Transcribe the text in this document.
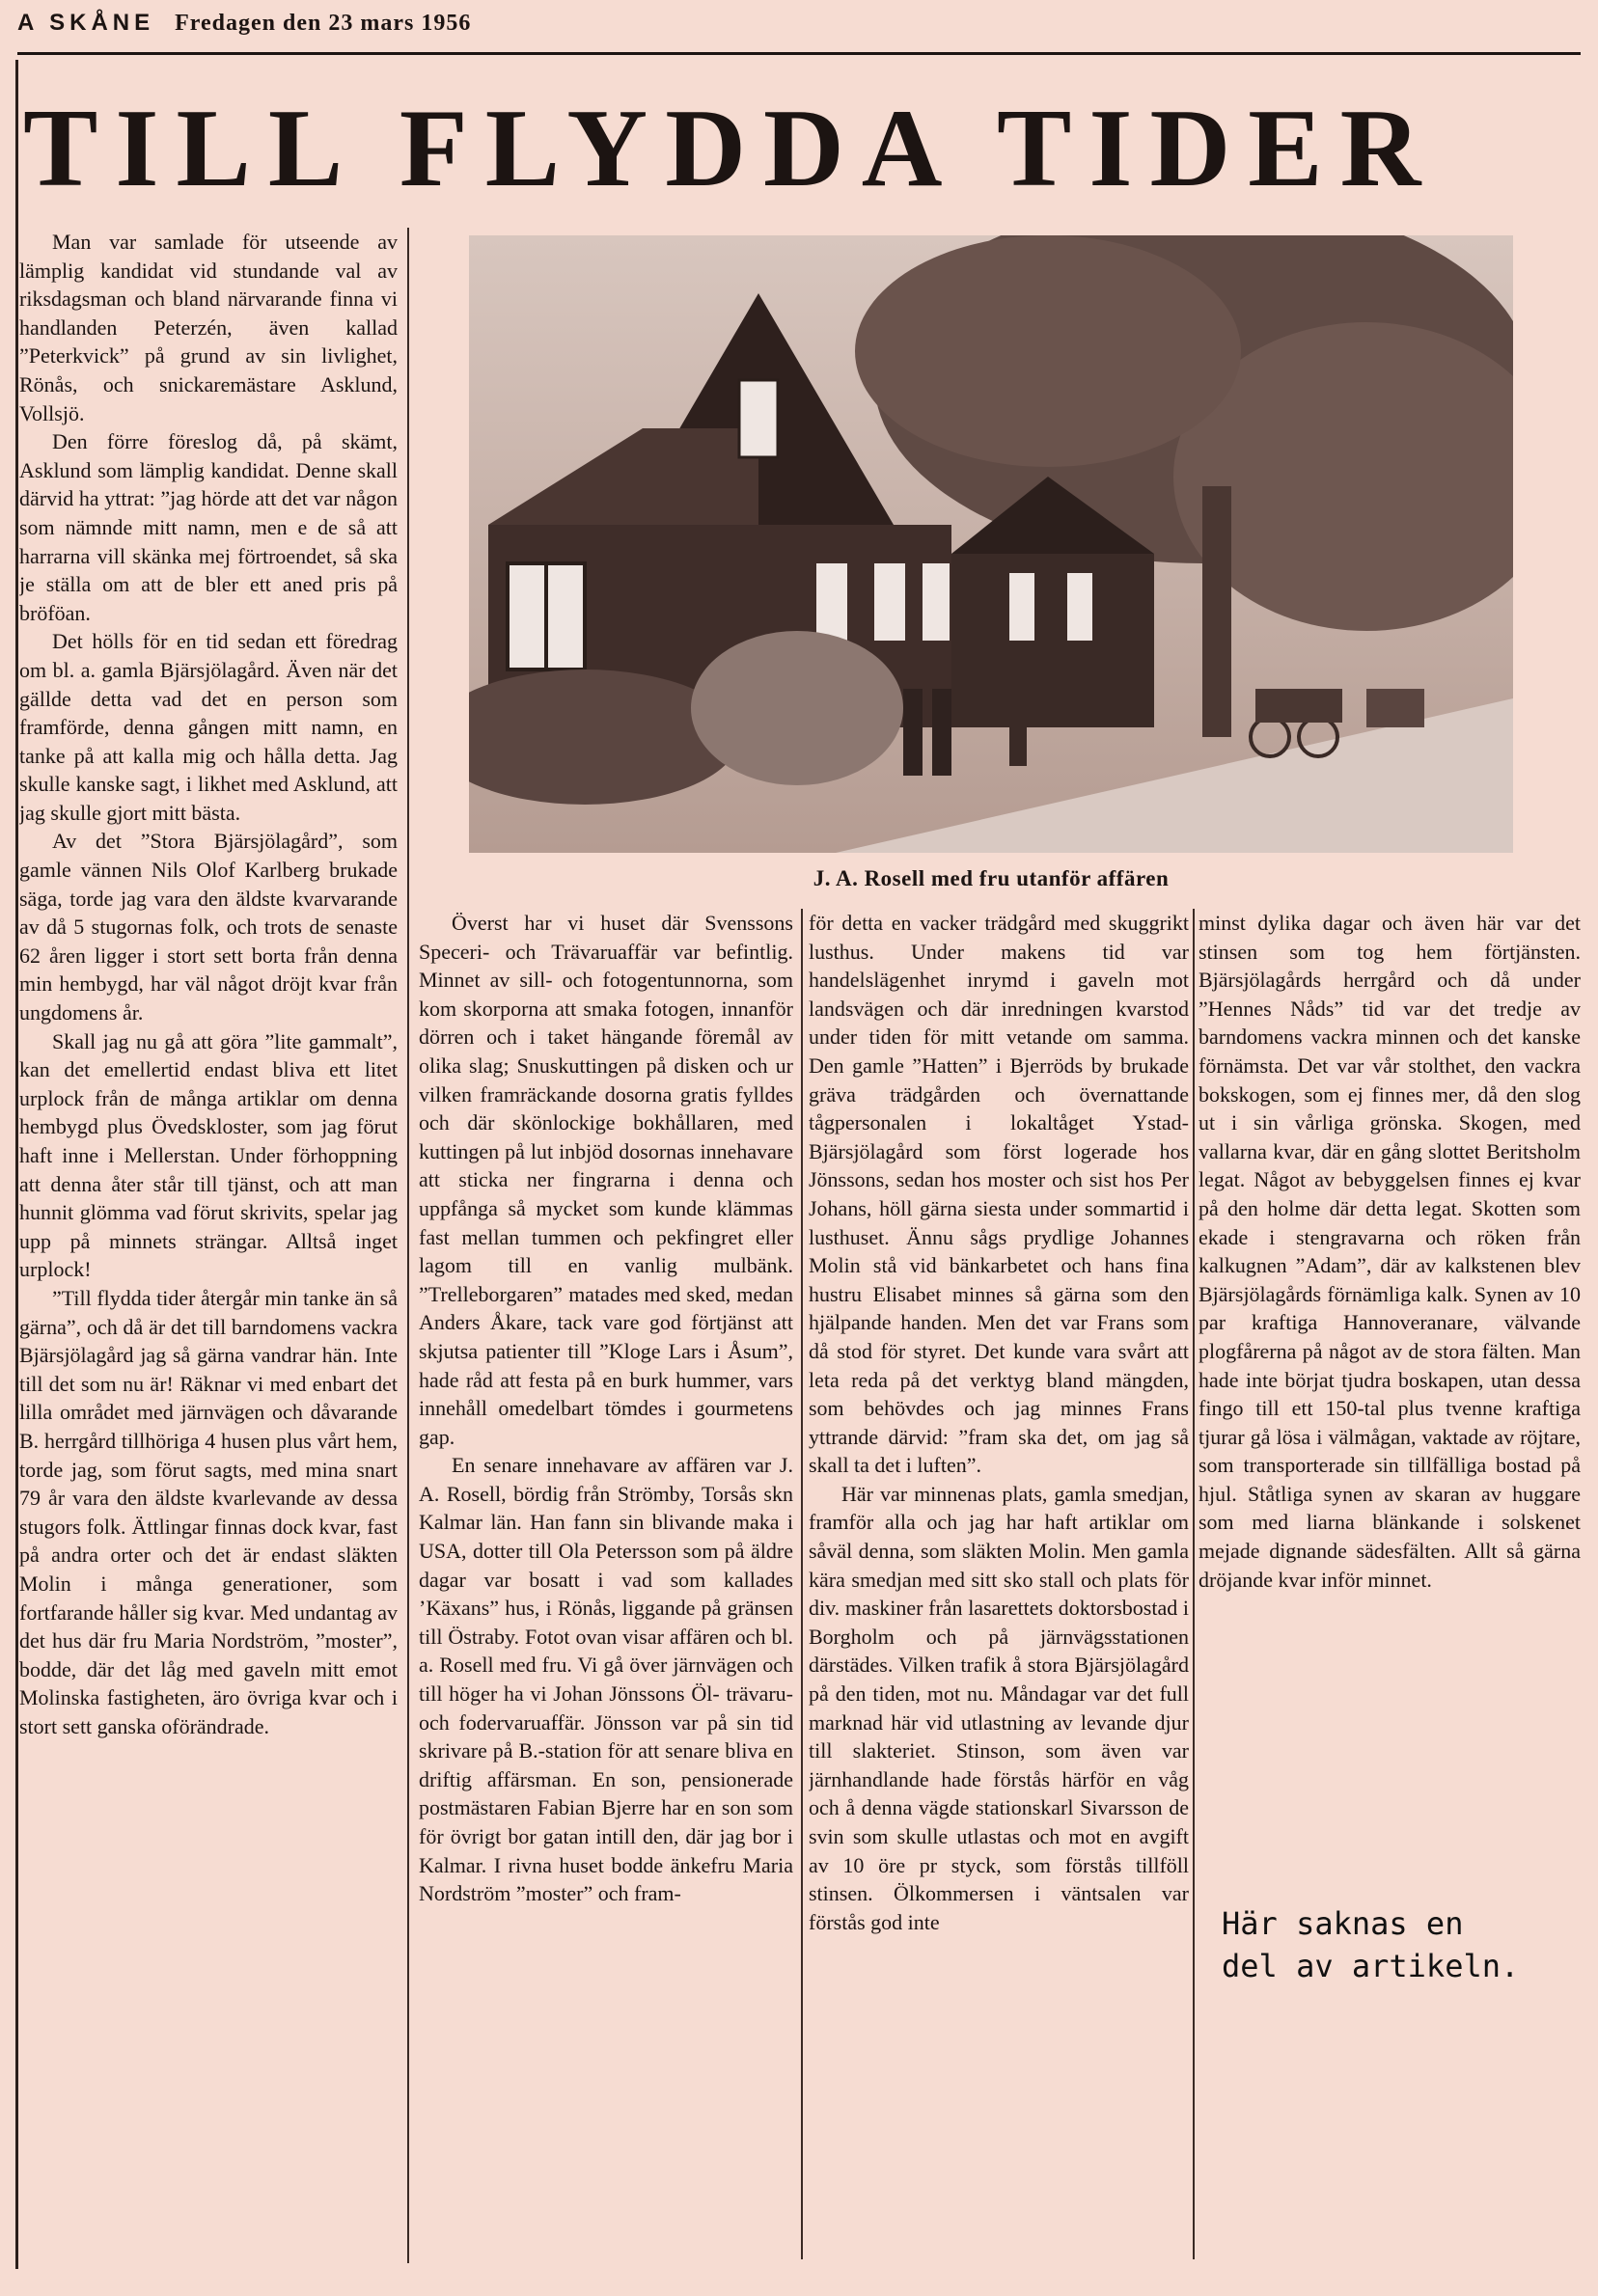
A SKÅNE Fredagen den 23 mars 1956
TILL FLYDDA TIDER

Man var samlade för utseende av lämplig kandidat vid stundande val av riksdagsman och bland närvarande finna vi handlanden Peterzén, även kallad ”Peterkvick” på grund av sin livlighet, Rönås, och snickaremästare Asklund, Vollsjö.

Den förre föreslog då, på skämt, Asklund som lämplig kandidat. Denne skall därvid ha yttrat: ”jag hörde att det var någon som nämnde mitt namn, men e de så att harrarna vill skänka mej förtroendet, så ska je ställa om att de bler ett aned pris på bröföan.

Det hölls för en tid sedan ett föredrag om bl. a. gamla Bjärsjölagård. Även när det gällde detta vad det en person som framförde, denna gången mitt namn, en tanke på att kalla mig och hålla detta. Jag skulle kanske sagt, i likhet med Asklund, att jag skulle gjort mitt bästa.

Av det ”Stora Bjärsjölagård”, som gamle vännen Nils Olof Karlberg brukade säga, torde jag vara den äldste kvarvarande av då 5 stugornas folk, och trots de senaste 62 åren ligger i stort sett borta från denna min hembygd, har väl något dröjt kvar från ungdomens år.

Skall jag nu gå att göra ”lite gammalt”, kan det emellertid endast bliva ett litet urplock från de många artiklar om denna hembygd plus Övedskloster, som jag förut haft inne i Mellerstan. Under förhoppning att denna åter står till tjänst, och att man hunnit glömma vad förut skrivits, spelar jag upp på minnets strängar. Alltså inget urplock!

”Till flydda tider återgår min tanke än så gärna”, och då är det till barndomens vackra Bjärsjölagård jag så gärna vandrar hän. Inte till det som nu är! Räknar vi med enbart det lilla området med järnvägen och dåvarande B. herrgård tillhöriga 4 husen plus vårt hem, torde jag, som förut sagts, med mina snart 79 år vara den äldste kvarlevande av dessa stugors folk. Ättlingar finnas dock kvar, fast på andra orter och det är endast släkten Molin i många generationer, som fortfarande håller sig kvar. Med undantag av det hus där fru Maria Nordström, ”moster”, bodde, där det låg med gaveln mitt emot Molinska fastigheten, äro övriga kvar och i stort sett ganska oförändrade.

J. A. Rosell med fru utanför affären

Överst har vi huset där Svenssons Speceri- och Trävaruaffär var befintlig. Minnet av sill- och fotogentunnorna, som kom skorporna att smaka fotogen, innanför dörren och i taket hängande föremål av olika slag; Snuskuttingen på disken och ur vilken framräckande dosorna gratis fylldes och där skönlockige bokhållaren, med kuttingen på lut inbjöd dosornas innehavare att sticka ner fingrarna i denna och uppfånga så mycket som kunde klämmas fast mellan tummen och pekfingret eller lagom till en vanlig mulbänk. ”Trelleborgaren” matades med sked, medan Anders Åkare, tack vare god förtjänst att skjutsa patienter till ”Kloge Lars i Åsum”, hade råd att festa på en burk hummer, vars innehåll omedelbart tömdes i gourmetens gap.

En senare innehavare av affären var J. A. Rosell, bördig från Strömby, Torsås skn Kalmar län. Han fann sin blivande maka i USA, dotter till Ola Petersson som på äldre dagar var bosatt i vad som kallades ’Käxans” hus, i Rönås, liggande på gränsen till Östraby. Fotot ovan visar affären och bl. a. Rosell med fru. Vi gå över järnvägen och till höger ha vi Johan Jönssons Öl- trävaru- och fodervaruaffär. Jönsson var på sin tid skrivare på B.-station för att senare bliva en driftig affärsman. En son, pensionerade postmästaren Fabian Bjerre har en son som för övrigt bor gatan intill den, där jag bor i Kalmar. I rivna huset bodde änkefru Maria Nordström ”moster” och fram-

för detta en vacker trädgård med skuggrikt lusthus. Under makens tid var handelslägenhet inrymd i gaveln mot landsvägen och där inredningen kvarstod under tiden för mitt vetande om samma. Den gamle ”Hatten” i Bjerröds by brukade gräva trädgården och övernattande tågpersonalen i lokaltåget Ystad-Bjärsjölagård som först logerade hos Jönssons, sedan hos moster och sist hos Per Johans, höll gärna siesta under sommartid i lusthuset. Ännu sågs prydlige Johannes Molin stå vid bänkarbetet och hans fina hustru Elisabet minnes så gärna som den hjälpande handen. Men det var Frans som då stod för styret. Det kunde vara svårt att leta reda på det verktyg bland mängden, som behövdes och jag minnes Frans yttrande därvid: ”fram ska det, om jag så skall ta det i luften”.

Här var minnenas plats, gamla smedjan, framför alla och jag har haft artiklar om såväl denna, som släkten Molin. Men gamla kära smedjan med sitt sko stall och plats för div. maskiner från lasarettets doktorsbostad i Borgholm och på järnvägsstationen därstädes. Vilken trafik å stora Bjärsjölagård på den tiden, mot nu. Måndagar var det full marknad här vid utlastning av levande djur till slakteriet. Stinson, som även var järnhandlande hade förstås härför en våg och å denna vägde stationskarl Sivarsson de svin som skulle utlastas och mot en avgift av 10 öre pr styck, som förstås tillföll stinsen. Ölkommersen i väntsalen var förstås god inte

minst dylika dagar och även här var det stinsen som tog hem förtjänsten. Bjärsjölagårds herrgård och då under ”Hennes Nåds” tid var det tredje av barndomens vackra minnen och det kanske förnämsta. Det var vår stolthet, den vackra bokskogen, som ej finnes mer, då den slog ut i sin vårliga grönska. Skogen, med vallarna kvar, där en gång slottet Beritsholm legat. Något av bebyggelsen finnes ej kvar på den holme där detta legat. Skotten som ekade i stengravarna och röken från kalkugnen ”Adam”, där av kalkstenen blev Bjärsjölagårds förnämliga kalk. Synen av 10 par kraftiga Hannoveranare, välvande plogfårerna på något av de stora fälten. Man hade inte börjat tjudra boskapen, utan dessa fingo till ett 150-tal plus tvenne kraftiga tjurar gå lösa i välmågan, vaktade av röjtare, som transporterade sin tillfälliga bostad på hjul. Ståtliga synen av skaran av huggare som med liarna blänkande i solskenet mejade dignande sädesfälten. Allt så gärna dröjande kvar inför minnet.

Här saknas en
del av artikeln.
